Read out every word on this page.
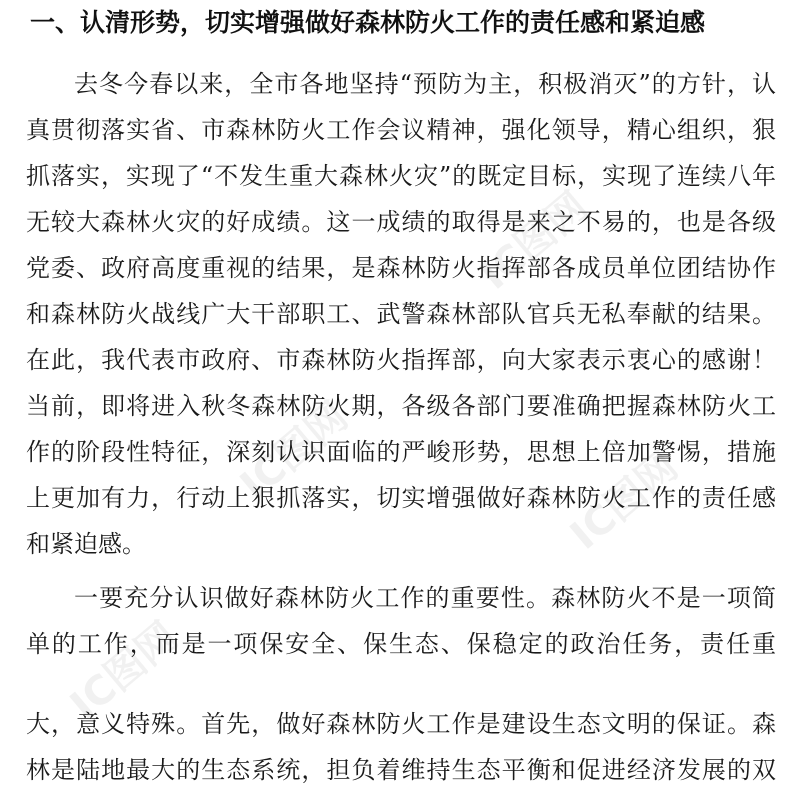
IC图网
IC图网	IC图网
IC图网
一、认清形势，切实增强做好森林防火工作的责任感和紧迫感
去冬今春以来，全市各地坚持“预防为主，积极消灭”的方针，认
真贯彻落实省、市森林防火工作会议精神，强化领导，精心组织，狠
抓落实，实现了“不发生重大森林火灾”的既定目标，实现了连续八年
无较大森林火灾的好成绩。这一成绩的取得是来之不易的，也是各级
党委、政府高度重视的结果，是森林防火指挥部各成员单位团结协作
和森林防火战线广大干部职工、武警森林部队官兵无私奉献的结果。
在此，我代表市政府、市森林防火指挥部，向大家表示衷心的感谢！
当前，即将进入秋冬森林防火期，各级各部门要准确把握森林防火工
作的阶段性特征，深刻认识面临的严峻形势，思想上倍加警惕，措施
上更加有力，行动上狠抓落实，切实增强做好森林防火工作的责任感
和紧迫感。
一要充分认识做好森林防火工作的重要性。森林防火不是一项简
单的工作，而是一项保安全、保生态、保稳定的政治任务，责任重
大，意义特殊。首先，做好森林防火工作是建设生态文明的保证。森
林是陆地最大的生态系统，担负着维持生态平衡和促进经济发展的双
